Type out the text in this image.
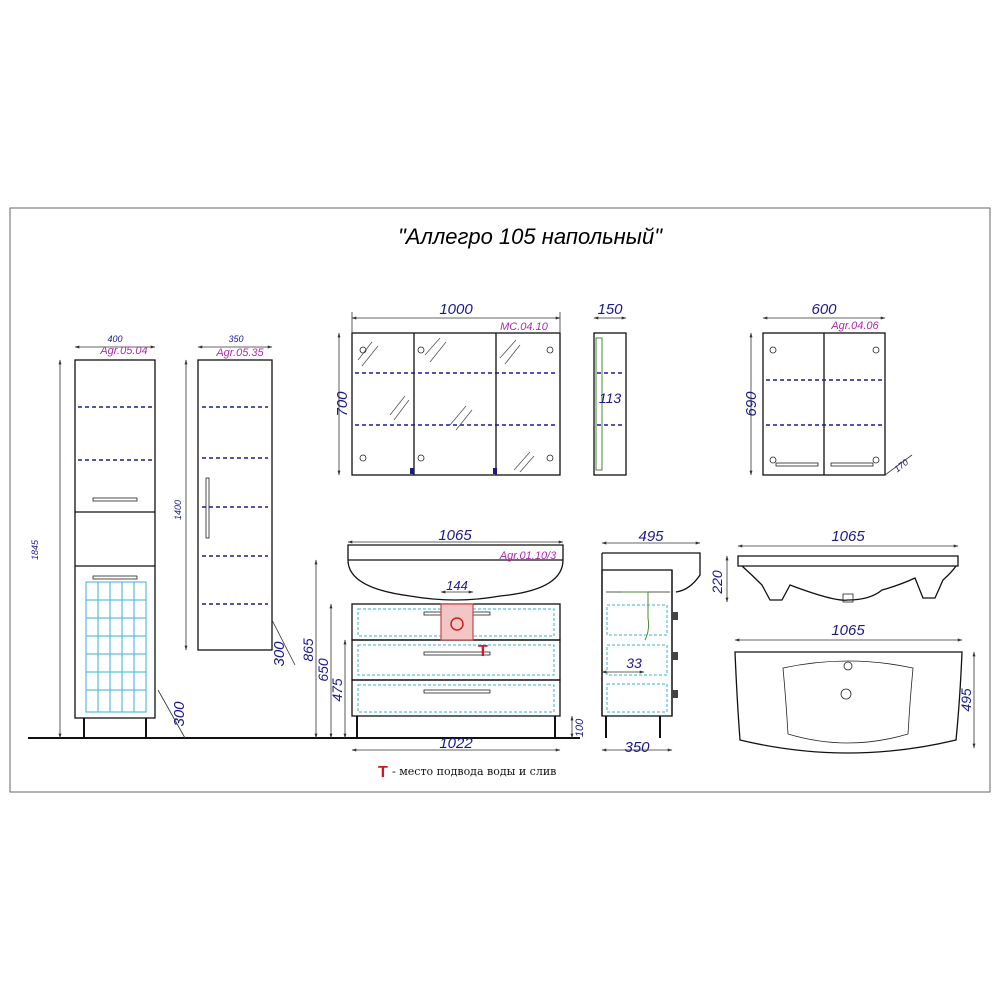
"Аллегро 105 напольный"
400
Agr.05.04
1845
300
350
Agr.05.35
1400
300
1000
MC.04.10
700
150
113
600
Agr.04.06
690
170
Т
1065
Agr.01.10/3
144
1022
865
650
475
100
495
350
33
1065
220
1065
495
Т - место подвода воды и слив
